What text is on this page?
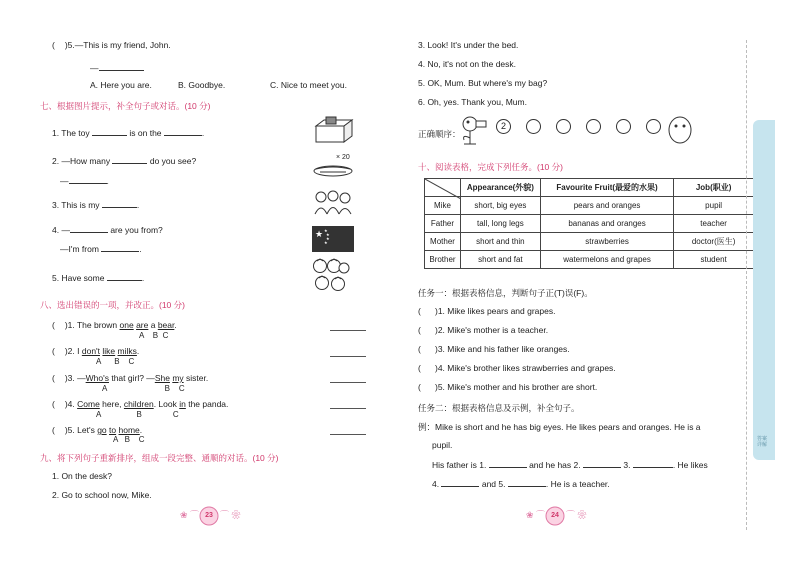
( )5.—This is my friend, John.
—
A. Here you are.	B. Goodbye.	C. Nice to meet you.
七、根据图片提示，补全句子或对话。(10 分)
1. The toy	is on the	.
2. —How many	do you see?
—	.
3. This is my	.
4. —	are you from?
—I'm from	.
5. Have some	.
× 20
★ ★
★
★
★
八、选出错误的一项，并改正。(10 分)
( )1. The brown one are a bear.
A    B  C
( )2. I don't like milks.
A      B    C
( )3. —Who's that girl? —She my sister.
A                          B    C
( )4. Come here, children. Look in the panda.
A                B              C
( )5. Let's go to home.
A   B    C
九、将下列句子重新排序，组成一段完整、通顺的对话。(10 分)
1. On the desk?
2. Go to school now, Mike.
❀ ⌒ 23 ⌒ ❀
3. Look! It's under the bed.
4. No, it's not on the desk.
5. OK, Mum. But where's my bag?
6. Oh, yes. Thank you, Mum.
正确顺序：
2
十、阅读表格，完成下列任务。(10 分)
	Appearance(外貌)	Favourite Fruit(最爱的水果)	Job(职业)
Mike	short, big eyes	pears and oranges	pupil
Father	tall, long legs	bananas and oranges	teacher
Mother	short and thin	strawberries	doctor(医生)
Brother	short and fat	watermelons and grapes	student
任务一：根据表格信息，判断句子正(T)误(F)。
(      )1. Mike likes pears and grapes.
(      )2. Mike's mother is a teacher.
(      )3. Mike and his father like oranges.
(      )4. Mike's brother likes strawberries and grapes.
(      )5. Mike's mother and his brother are short.
任务二：根据表格信息及示例，补全句子。
例：Mike is short and he has big eyes. He likes pears and oranges. He is a
pupil.
His father is 1.	and he has 2.	3.	. He likes
4.	and 5.	. He is a teacher.
❀ ⌒ 24 ⌒ ❀
答案详解
